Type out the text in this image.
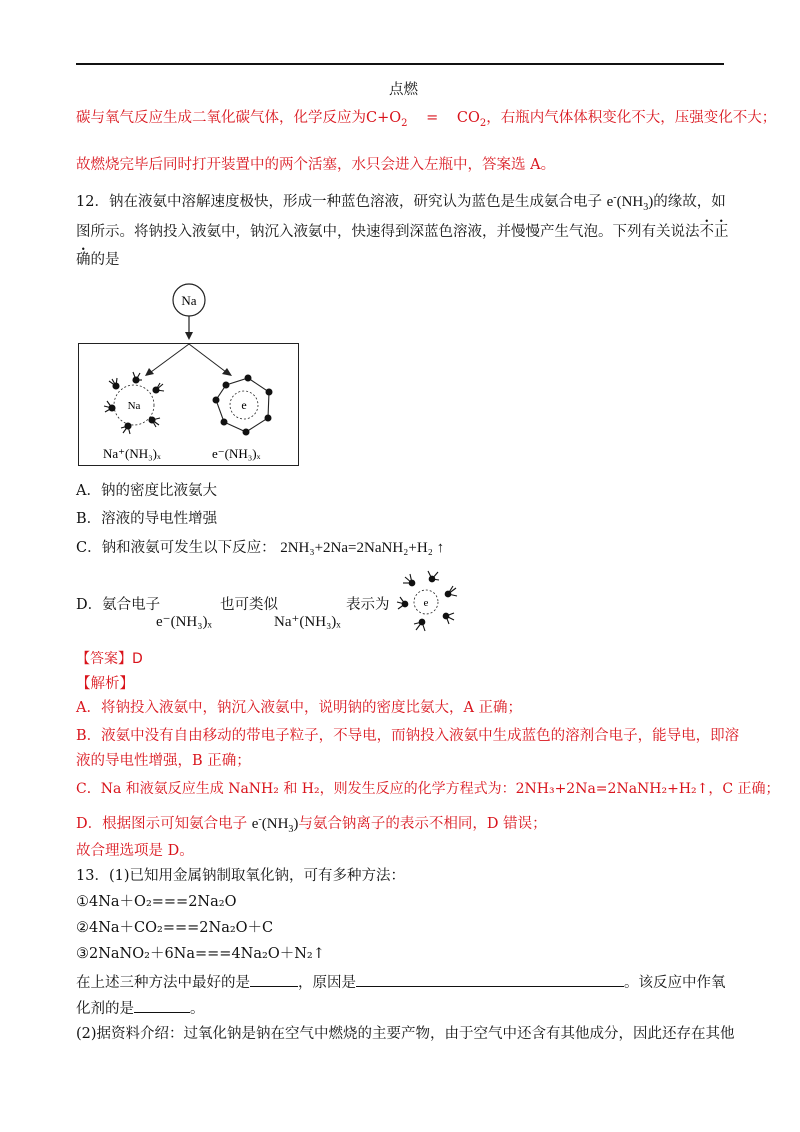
点燃
碳与氧气反应生成二氧化碳气体，化学反应为$C+O_2 = CO_2$，右瓶内气体体积变化不大，压强变化不大；
故燃烧完毕后同时打开装置中的两个活塞，水只会进入左瓶中，答案选 A。
12．钠在液氨中溶解速度极快，形成一种蓝色溶液，研究认为蓝色是生成氨合电子 $e^-(NH_3)$的缘故，如
图所示。将钠投入液氨中，钠沉入液氨中，快速得到深蓝色溶液，并慢慢产生气泡。下列有关说法不正
确的是
Na
Na	e
Na⁺(NH₃)ₓ	e⁻(NH₃)ₓ
A．钠的密度比液氨大
B．溶液的导电性增强
C．钠和液氨可发生以下反应： 2NH₃+2Na=2NaNH₂+H₂ ↑
D．氨合电子
e⁻(NH₃)ₓ
也可类似
Na⁺(NH₃)ₓ
表示为	e
【答案】D
【解析】
A．将钠投入液氨中，钠沉入液氨中，说明钠的密度比氨大，A 正确；
B．液氨中没有自由移动的带电子粒子，不导电，而钠投入液氨中生成蓝色的溶剂合电子，能导电，即溶
液的导电性增强，B 正确；
C．Na 和液氨反应生成 NaNH₂ 和 H₂，则发生反应的化学方程式为：2NH₃+2Na=2NaNH₂+H₂↑，C 正确；
D．根据图示可知氨合电子 $e^-(NH_3)$与氨合钠离子的表示不相同，D 错误；
故合理选项是 D。
13．(1)已知用金属钠制取氧化钠，可有多种方法：
①4Na＋O₂===2Na₂O
②4Na＋CO₂===2Na₂O＋C
③2NaNO₂＋6Na===4Na₂O＋N₂↑
在上述三种方法中最好的是	，原因是	。该反应中作氧
化剂的是	。
(2)据资料介绍：过氧化钠是钠在空气中燃烧的主要产物，由于空气中还含有其他成分，因此还存在其他
